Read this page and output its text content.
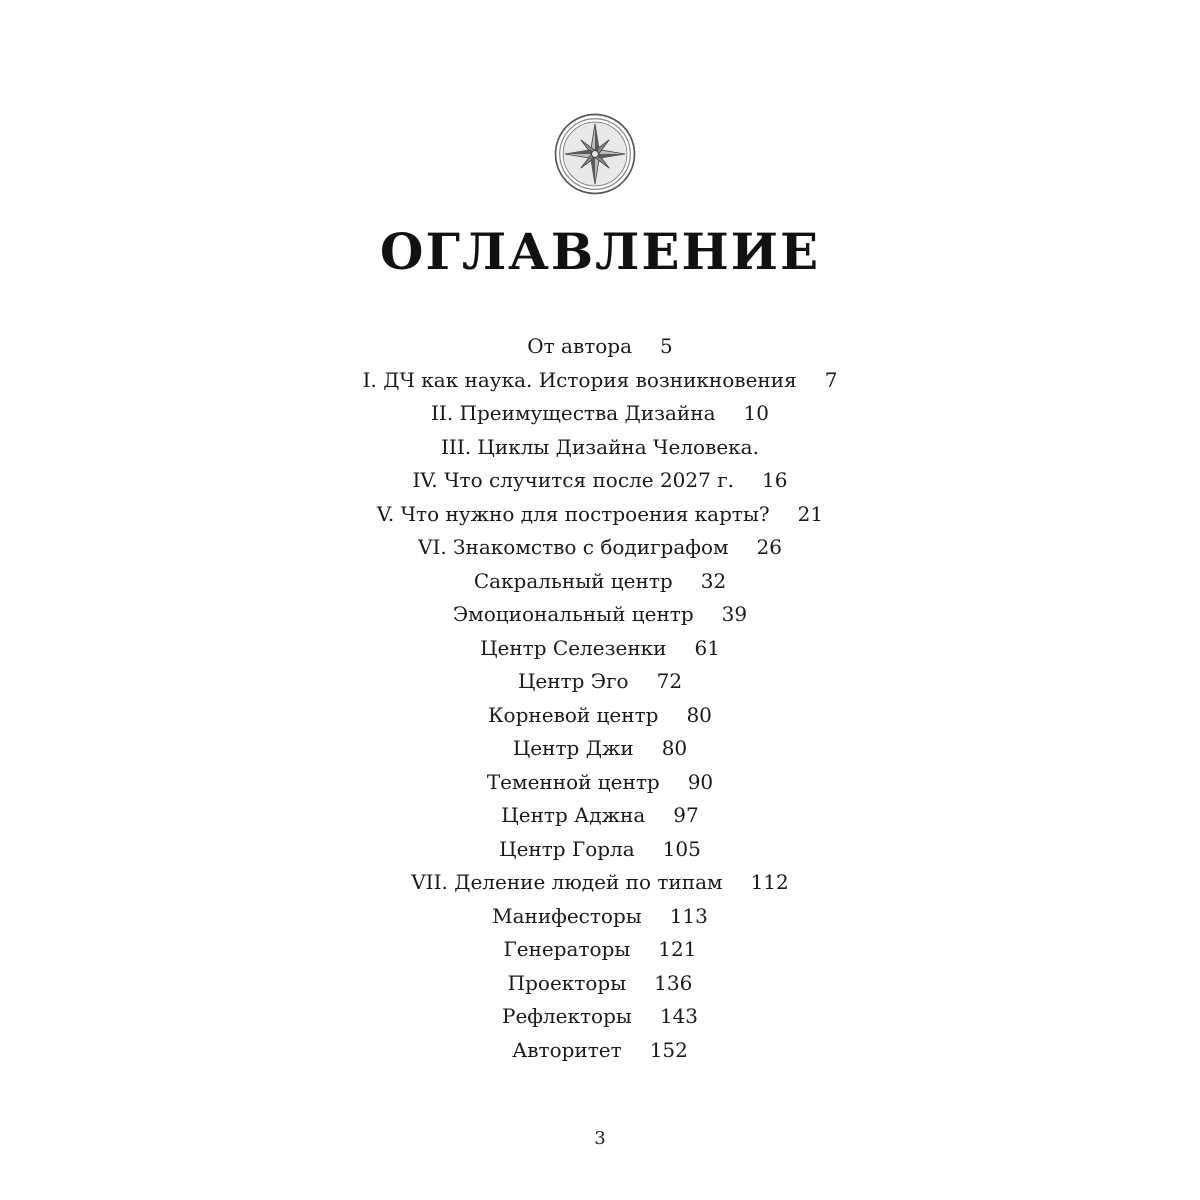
ОГЛАВЛЕНИЕ
От автора 5
I. ДЧ как наука. История возникновения 7
II. Преимущества Дизайна 10
III. Циклы Дизайна Человека.
IV. Что случится после 2027 г. 16
V. Что нужно для построения карты? 21
VI. Знакомство с бодиграфом 26
Сакральный центр 32
Эмоциональный центр 39
Центр Селезенки 61
Центр Эго 72
Корневой центр 80
Центр Джи 80
Теменной центр 90
Центр Аджна 97
Центр Горла 105
VII. Деление людей по типам 112
Манифесторы 113
Генераторы 121
Проекторы 136
Рефлекторы 143
Авторитет 152
3
